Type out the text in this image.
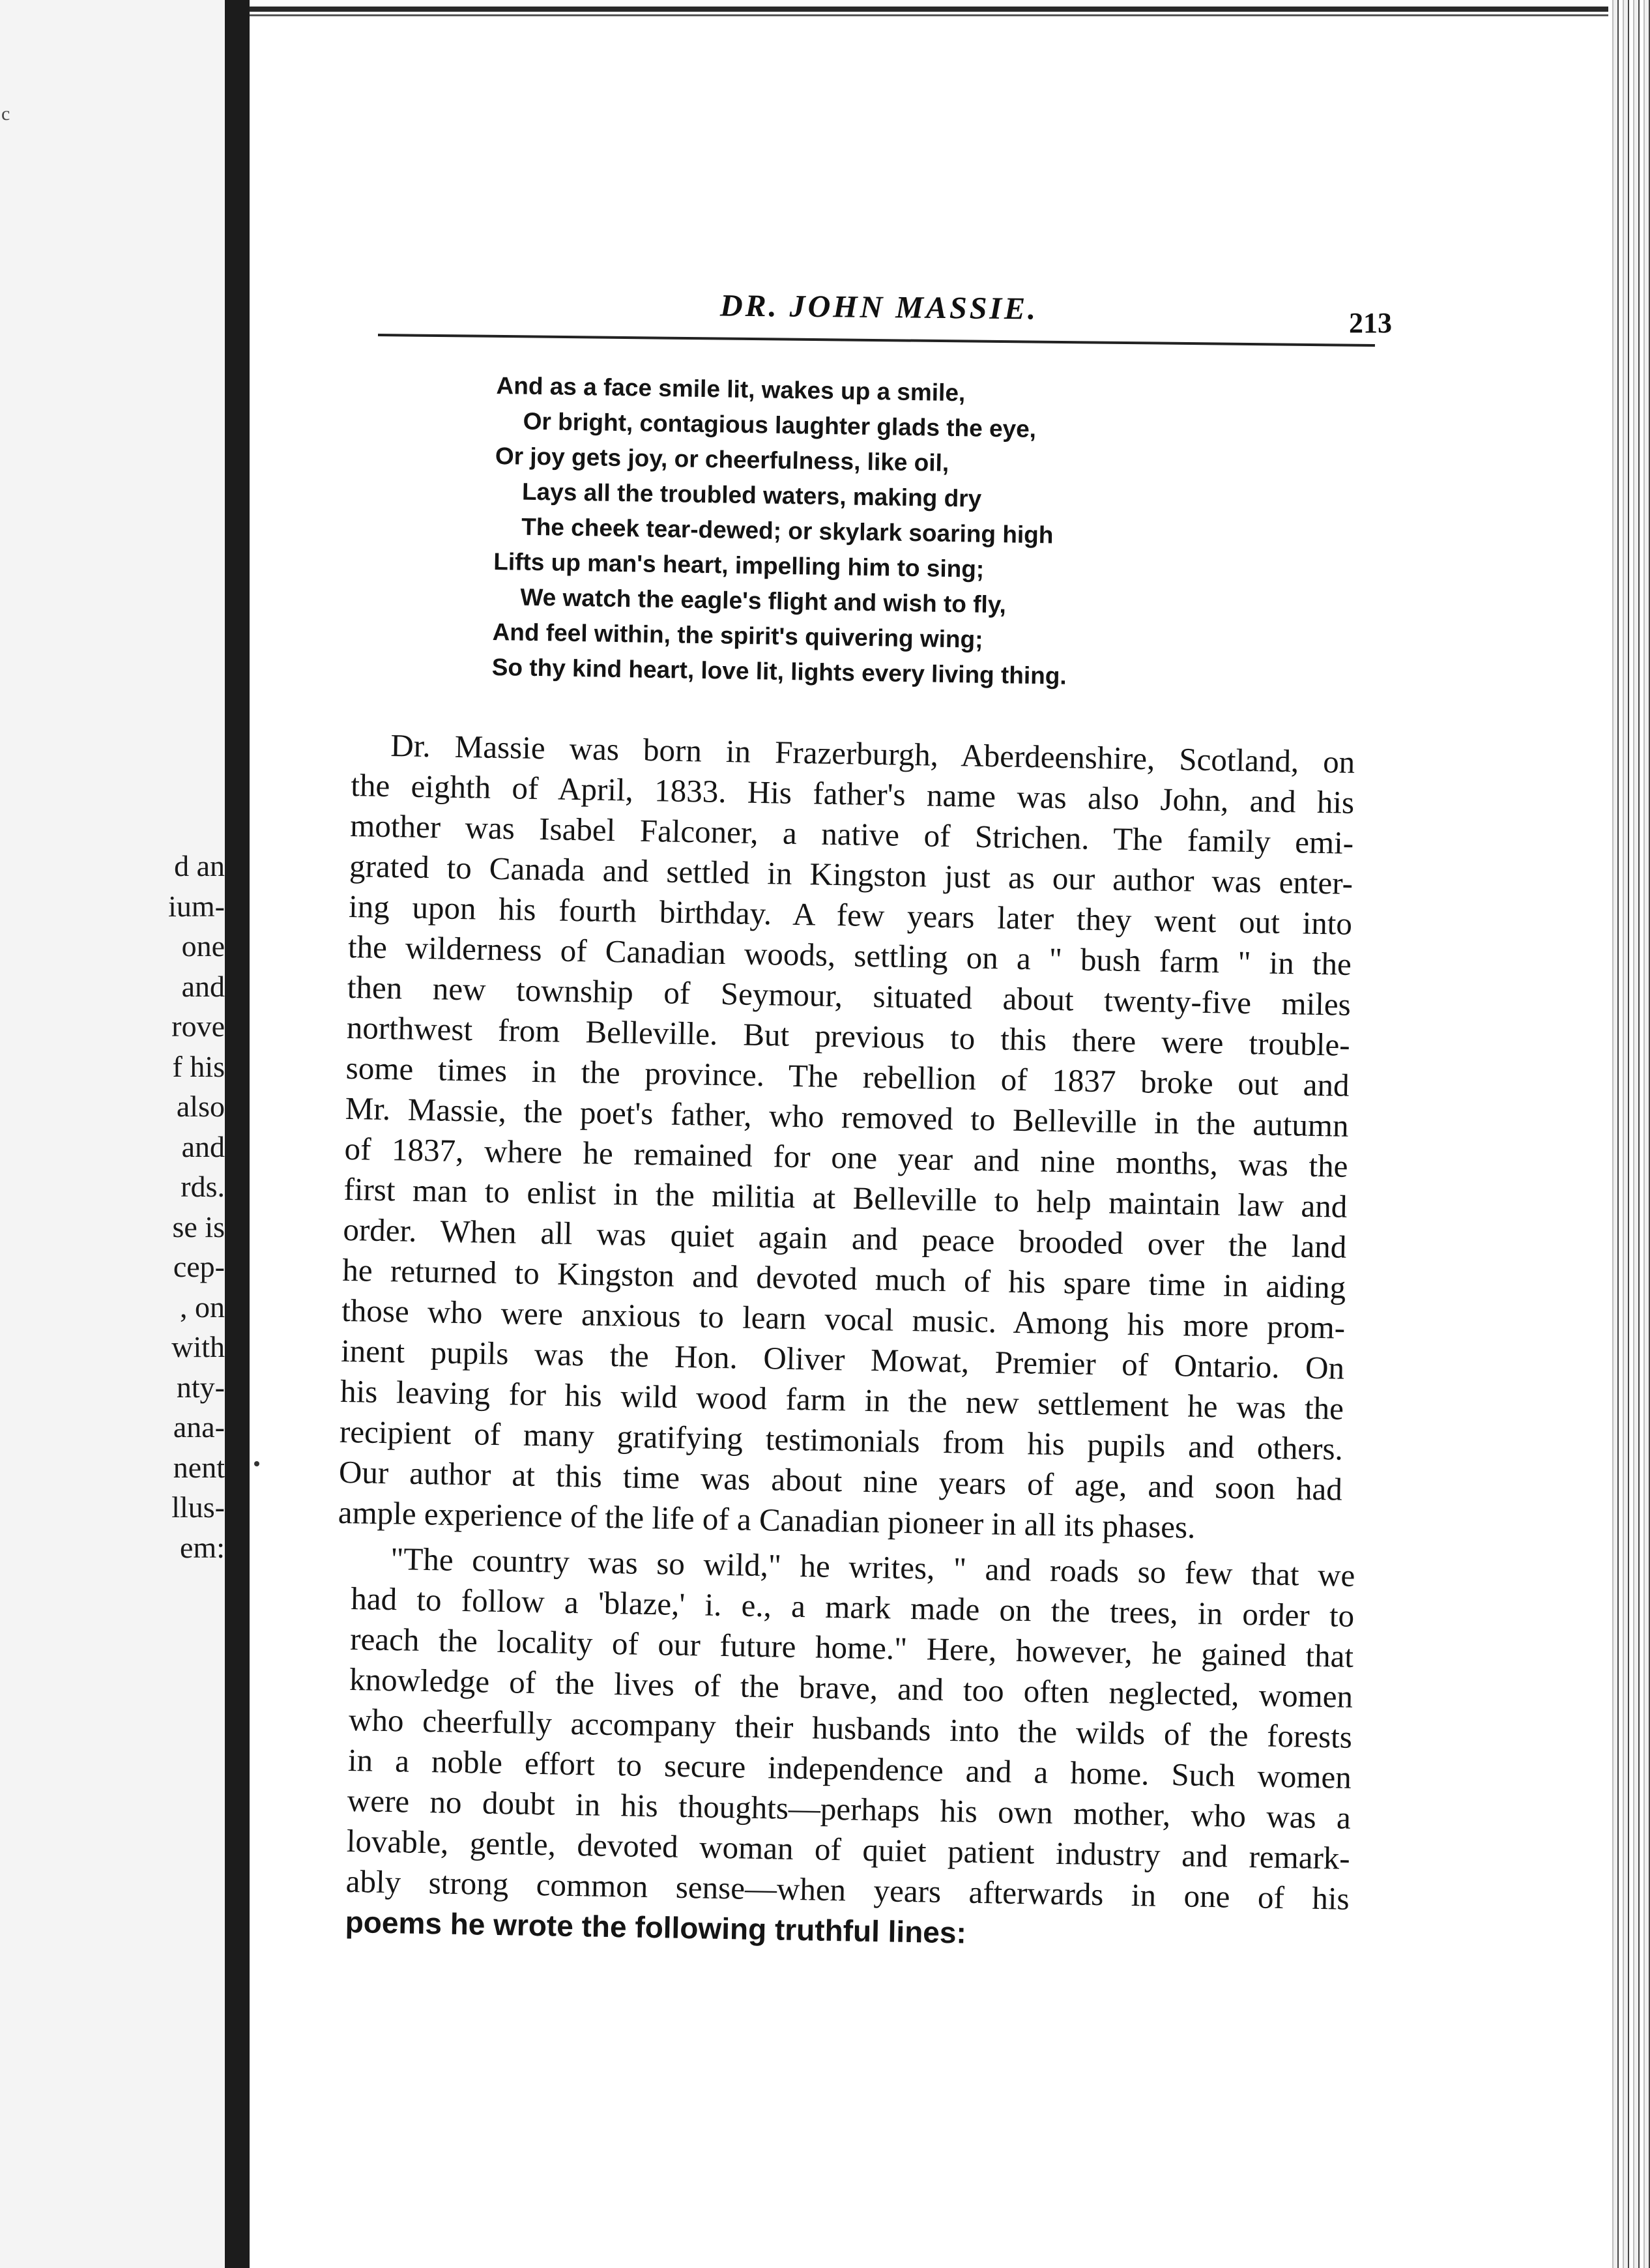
c
d an
ium-
one
and
rove
f his
also
and
rds.
se is
cep-
, on
with
nty-
ana-
nent
llus-
em:
DR. JOHN MASSIE.	213
And as a face smile lit, wakes up a smile,
Or bright, contagious laughter glads the eye,
Or joy gets joy, or cheerfulness, like oil,
Lays all the troubled waters, making dry
The cheek tear-dewed; or skylark soaring high
Lifts up man's heart, impelling him to sing;
We watch the eagle's flight and wish to fly,
And feel within, the spirit's quivering wing;
So thy kind heart, love lit, lights every living thing.
Dr. Massie was born in Frazerburgh, Aberdeenshire, Scotland, on
the eighth of April, 1833. His father's name was also John, and his
mother was Isabel Falconer, a native of Strichen. The family emi-
grated to Canada and settled in Kingston just as our author was enter-
ing upon his fourth birthday. A few years later they went out into
the wilderness of Canadian woods, settling on a " bush farm " in the
then new township of Seymour, situated about twenty-five miles
northwest from Belleville. But previous to this there were trouble-
some times in the province. The rebellion of 1837 broke out and
Mr. Massie, the poet's father, who removed to Belleville in the autumn
of 1837, where he remained for one year and nine months, was the
first man to enlist in the militia at Belleville to help maintain law and
order. When all was quiet again and peace brooded over the land
he returned to Kingston and devoted much of his spare time in aiding
those who were anxious to learn vocal music. Among his more prom-
inent pupils was the Hon. Oliver Mowat, Premier of Ontario. On
his leaving for his wild wood farm in the new settlement he was the
recipient of many gratifying testimonials from his pupils and others.
Our author at this time was about nine years of age, and soon had
ample experience of the life of a Canadian pioneer in all its phases.
"The country was so wild," he writes, " and roads so few that we
had to follow a 'blaze,' i. e., a mark made on the trees, in order to
reach the locality of our future home." Here, however, he gained that
knowledge of the lives of the brave, and too often neglected, women
who cheerfully accompany their husbands into the wilds of the forests
in a noble effort to secure independence and a home. Such women
were no doubt in his thoughts—perhaps his own mother, who was a
lovable, gentle, devoted woman of quiet patient industry and remark-
ably strong common sense—when years afterwards in one of his
poems he wrote the following truthful lines:
